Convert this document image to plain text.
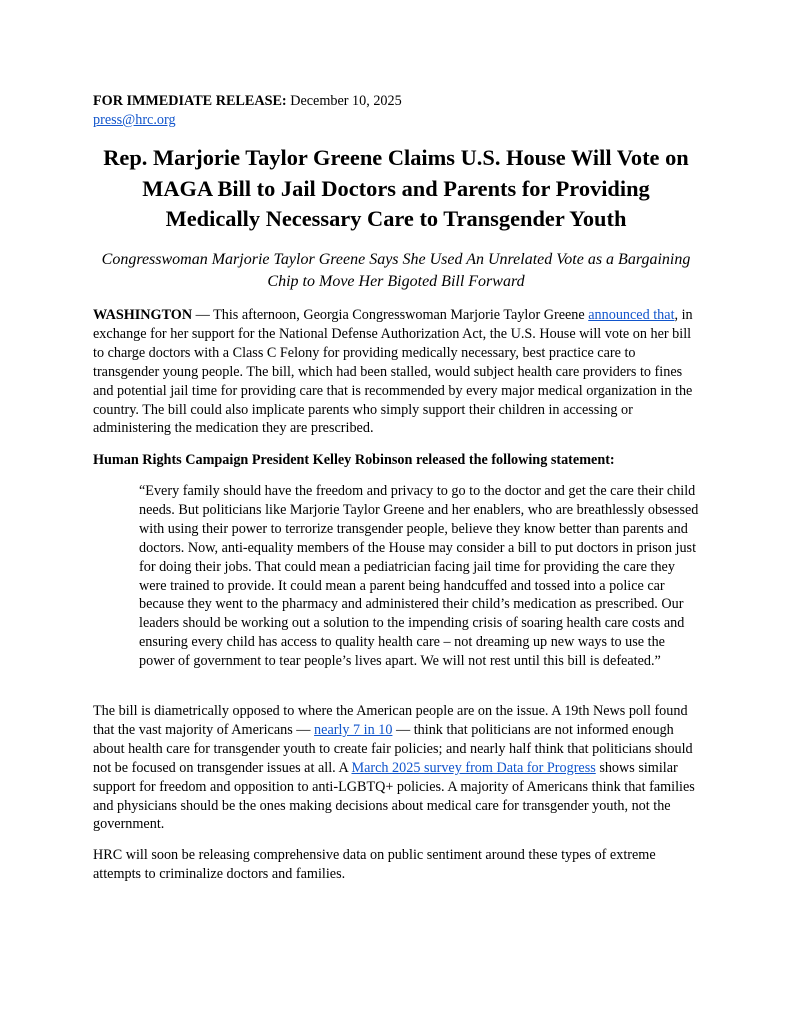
FOR IMMEDIATE RELEASE: December 10, 2025
press@hrc.org
Rep. Marjorie Taylor Greene Claims U.S. House Will Vote on MAGA Bill to Jail Doctors and Parents for Providing Medically Necessary Care to Transgender Youth
Congresswoman Marjorie Taylor Greene Says She Used An Unrelated Vote as a Bargaining Chip to Move Her Bigoted Bill Forward
WASHINGTON — This afternoon, Georgia Congresswoman Marjorie Taylor Greene announced that, in exchange for her support for the National Defense Authorization Act, the U.S. House will vote on her bill to charge doctors with a Class C Felony for providing medically necessary, best practice care to transgender young people. The bill, which had been stalled, would subject health care providers to fines and potential jail time for providing care that is recommended by every major medical organization in the country. The bill could also implicate parents who simply support their children in accessing or administering the medication they are prescribed.
Human Rights Campaign President Kelley Robinson released the following statement:
“Every family should have the freedom and privacy to go to the doctor and get the care their child needs. But politicians like Marjorie Taylor Greene and her enablers, who are breathlessly obsessed with using their power to terrorize transgender people, believe they know better than parents and doctors. Now, anti-equality members of the House may consider a bill to put doctors in prison just for doing their jobs. That could mean a pediatrician facing jail time for providing the care they were trained to provide. It could mean a parent being handcuffed and tossed into a police car because they went to the pharmacy and administered their child’s medication as prescribed. Our leaders should be working out a solution to the impending crisis of soaring health care costs and ensuring every child has access to quality health care – not dreaming up new ways to use the power of government to tear people’s lives apart. We will not rest until this bill is defeated.”
The bill is diametrically opposed to where the American people are on the issue. A 19th News poll found that the vast majority of Americans — nearly 7 in 10 — think that politicians are not informed enough about health care for transgender youth to create fair policies; and nearly half think that politicians should not be focused on transgender issues at all. A March 2025 survey from Data for Progress shows similar support for freedom and opposition to anti-LGBTQ+ policies. A majority of Americans think that families and physicians should be the ones making decisions about medical care for transgender youth, not the government.
HRC will soon be releasing comprehensive data on public sentiment around these types of extreme attempts to criminalize doctors and families.
